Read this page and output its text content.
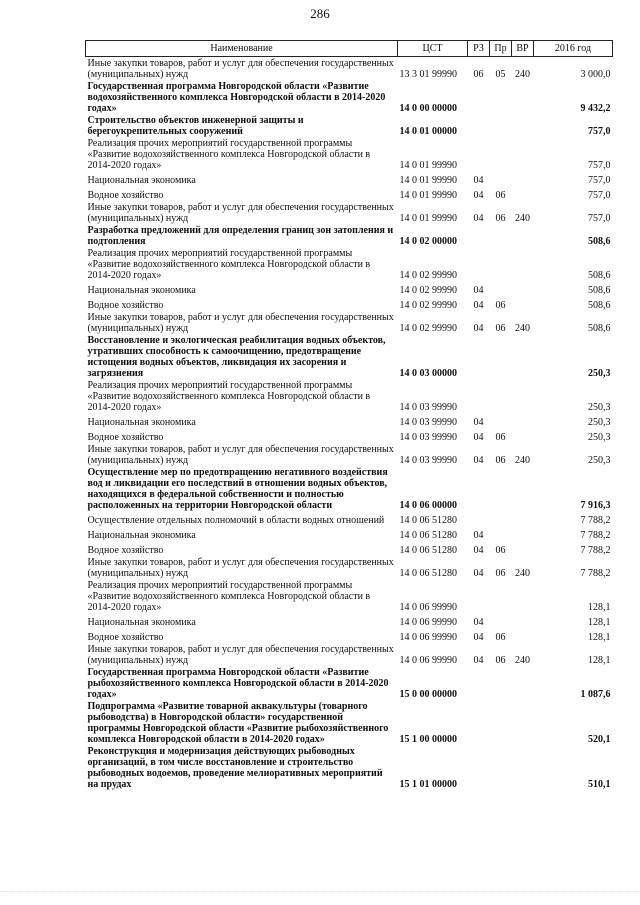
286
Наименование	ЦСТ	РЗ	Пр	ВР	2016 год
Иные закупки товаров, работ и услуг для обеспечения государственных (муниципальных) нужд	13 3 01 99990	06	05	240	3 000,0
Государственная программа Новгородской области «Развитие водохозяйственного комплекса Новгородской области в 2014-2020 годах»	14 0 00 00000				9 432,2
Строительство объектов инженерной защиты и берегоукрепительных сооружений	14 0 01 00000				757,0
Реализация прочих мероприятий государственной программы «Развитие водохозяйственного комплекса Новгородской области в 2014-2020 годах»	14 0 01 99990				757,0
Национальная экономика	14 0 01 99990	04			757,0
Водное хозяйство	14 0 01 99990	04	06		757,0
Иные закупки товаров, работ и услуг для обеспечения государственных (муниципальных) нужд	14 0 01 99990	04	06	240	757,0
Разработка предложений для определения границ зон затопления и подтопления	14 0 02 00000				508,6
Реализация прочих мероприятий государственной программы «Развитие водохозяйственного комплекса Новгородской области в 2014-2020 годах»	14 0 02 99990				508,6
Национальная экономика	14 0 02 99990	04			508,6
Водное хозяйство	14 0 02 99990	04	06		508,6
Иные закупки товаров, работ и услуг для обеспечения государственных (муниципальных) нужд	14 0 02 99990	04	06	240	508,6
Восстановление и экологическая реабилитация водных объектов, утративших способность к самоочищению, предотвращение истощения водных объектов, ликвидация их засорения и загрязнения	14 0 03 00000				250,3
Реализация прочих мероприятий государственной программы «Развитие водохозяйственного комплекса Новгородской области в 2014-2020 годах»	14 0 03 99990				250,3
Национальная экономика	14 0 03 99990	04			250,3
Водное хозяйство	14 0 03 99990	04	06		250,3
Иные закупки товаров, работ и услуг для обеспечения государственных (муниципальных) нужд	14 0 03 99990	04	06	240	250,3
Осуществление мер по предотвращению негативного воздействия вод и ликвидации его последствий в отношении водных объектов, находящихся в федеральной собственности и полностью расположенных на территории Новгородской области	14 0 06 00000				7 916,3
Осуществление отдельных полномочий в области водных отношений	14 0 06 51280				7 788,2
Национальная экономика	14 0 06 51280	04			7 788,2
Водное хозяйство	14 0 06 51280	04	06		7 788,2
Иные закупки товаров, работ и услуг для обеспечения государственных (муниципальных) нужд	14 0 06 51280	04	06	240	7 788,2
Реализация прочих мероприятий государственной программы «Развитие водохозяйственного комплекса Новгородской области в 2014-2020 годах»	14 0 06 99990				128,1
Национальная экономика	14 0 06 99990	04			128,1
Водное хозяйство	14 0 06 99990	04	06		128,1
Иные закупки товаров, работ и услуг для обеспечения государственных (муниципальных) нужд	14 0 06 99990	04	06	240	128,1
Государственная программа Новгородской области «Развитие рыбохозяйственного комплекса Новгородской области в 2014-2020 годах»	15 0 00 00000				1 087,6
Подпрограмма «Развитие товарной аквакультуры (товарного рыбоводства) в Новгородской области» государственной программы Новгородской области «Развитие рыбохозяйственного комплекса Новгородской области в 2014-2020 годах»	15 1 00 00000				520,1
Реконструкция и модернизация действующих рыбоводных организаций, в том числе восстановление и строительство рыбоводных водоемов, проведение мелиоративных мероприятий на прудах	15 1 01 00000				510,1
